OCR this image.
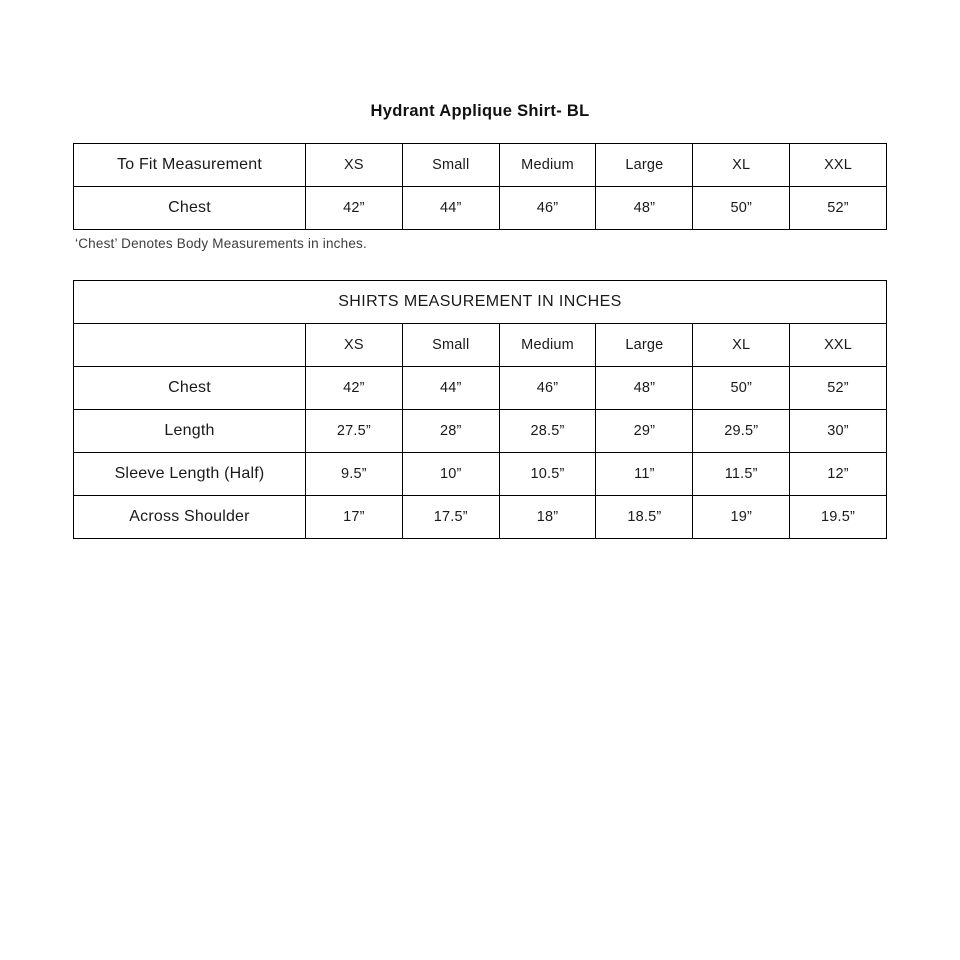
Hydrant Applique Shirt- BL
To Fit Measurement	XS	Small	Medium	Large	XL	XXL
Chest	42”	44”	46”	48”	50”	52”

‘Chest’ Denotes Body Measurements in inches.

SHIRTS MEASUREMENT IN INCHES						
	XS	Small	Medium	Large	XL	XXL
Chest	42”	44”	46”	48”	50”	52”
Length	27.5”	28”	28.5”	29”	29.5”	30”
Sleeve Length (Half)	9.5”	10”	10.5”	11”	11.5”	12”
Across Shoulder	17”	17.5”	18”	18.5”	19”	19.5”
